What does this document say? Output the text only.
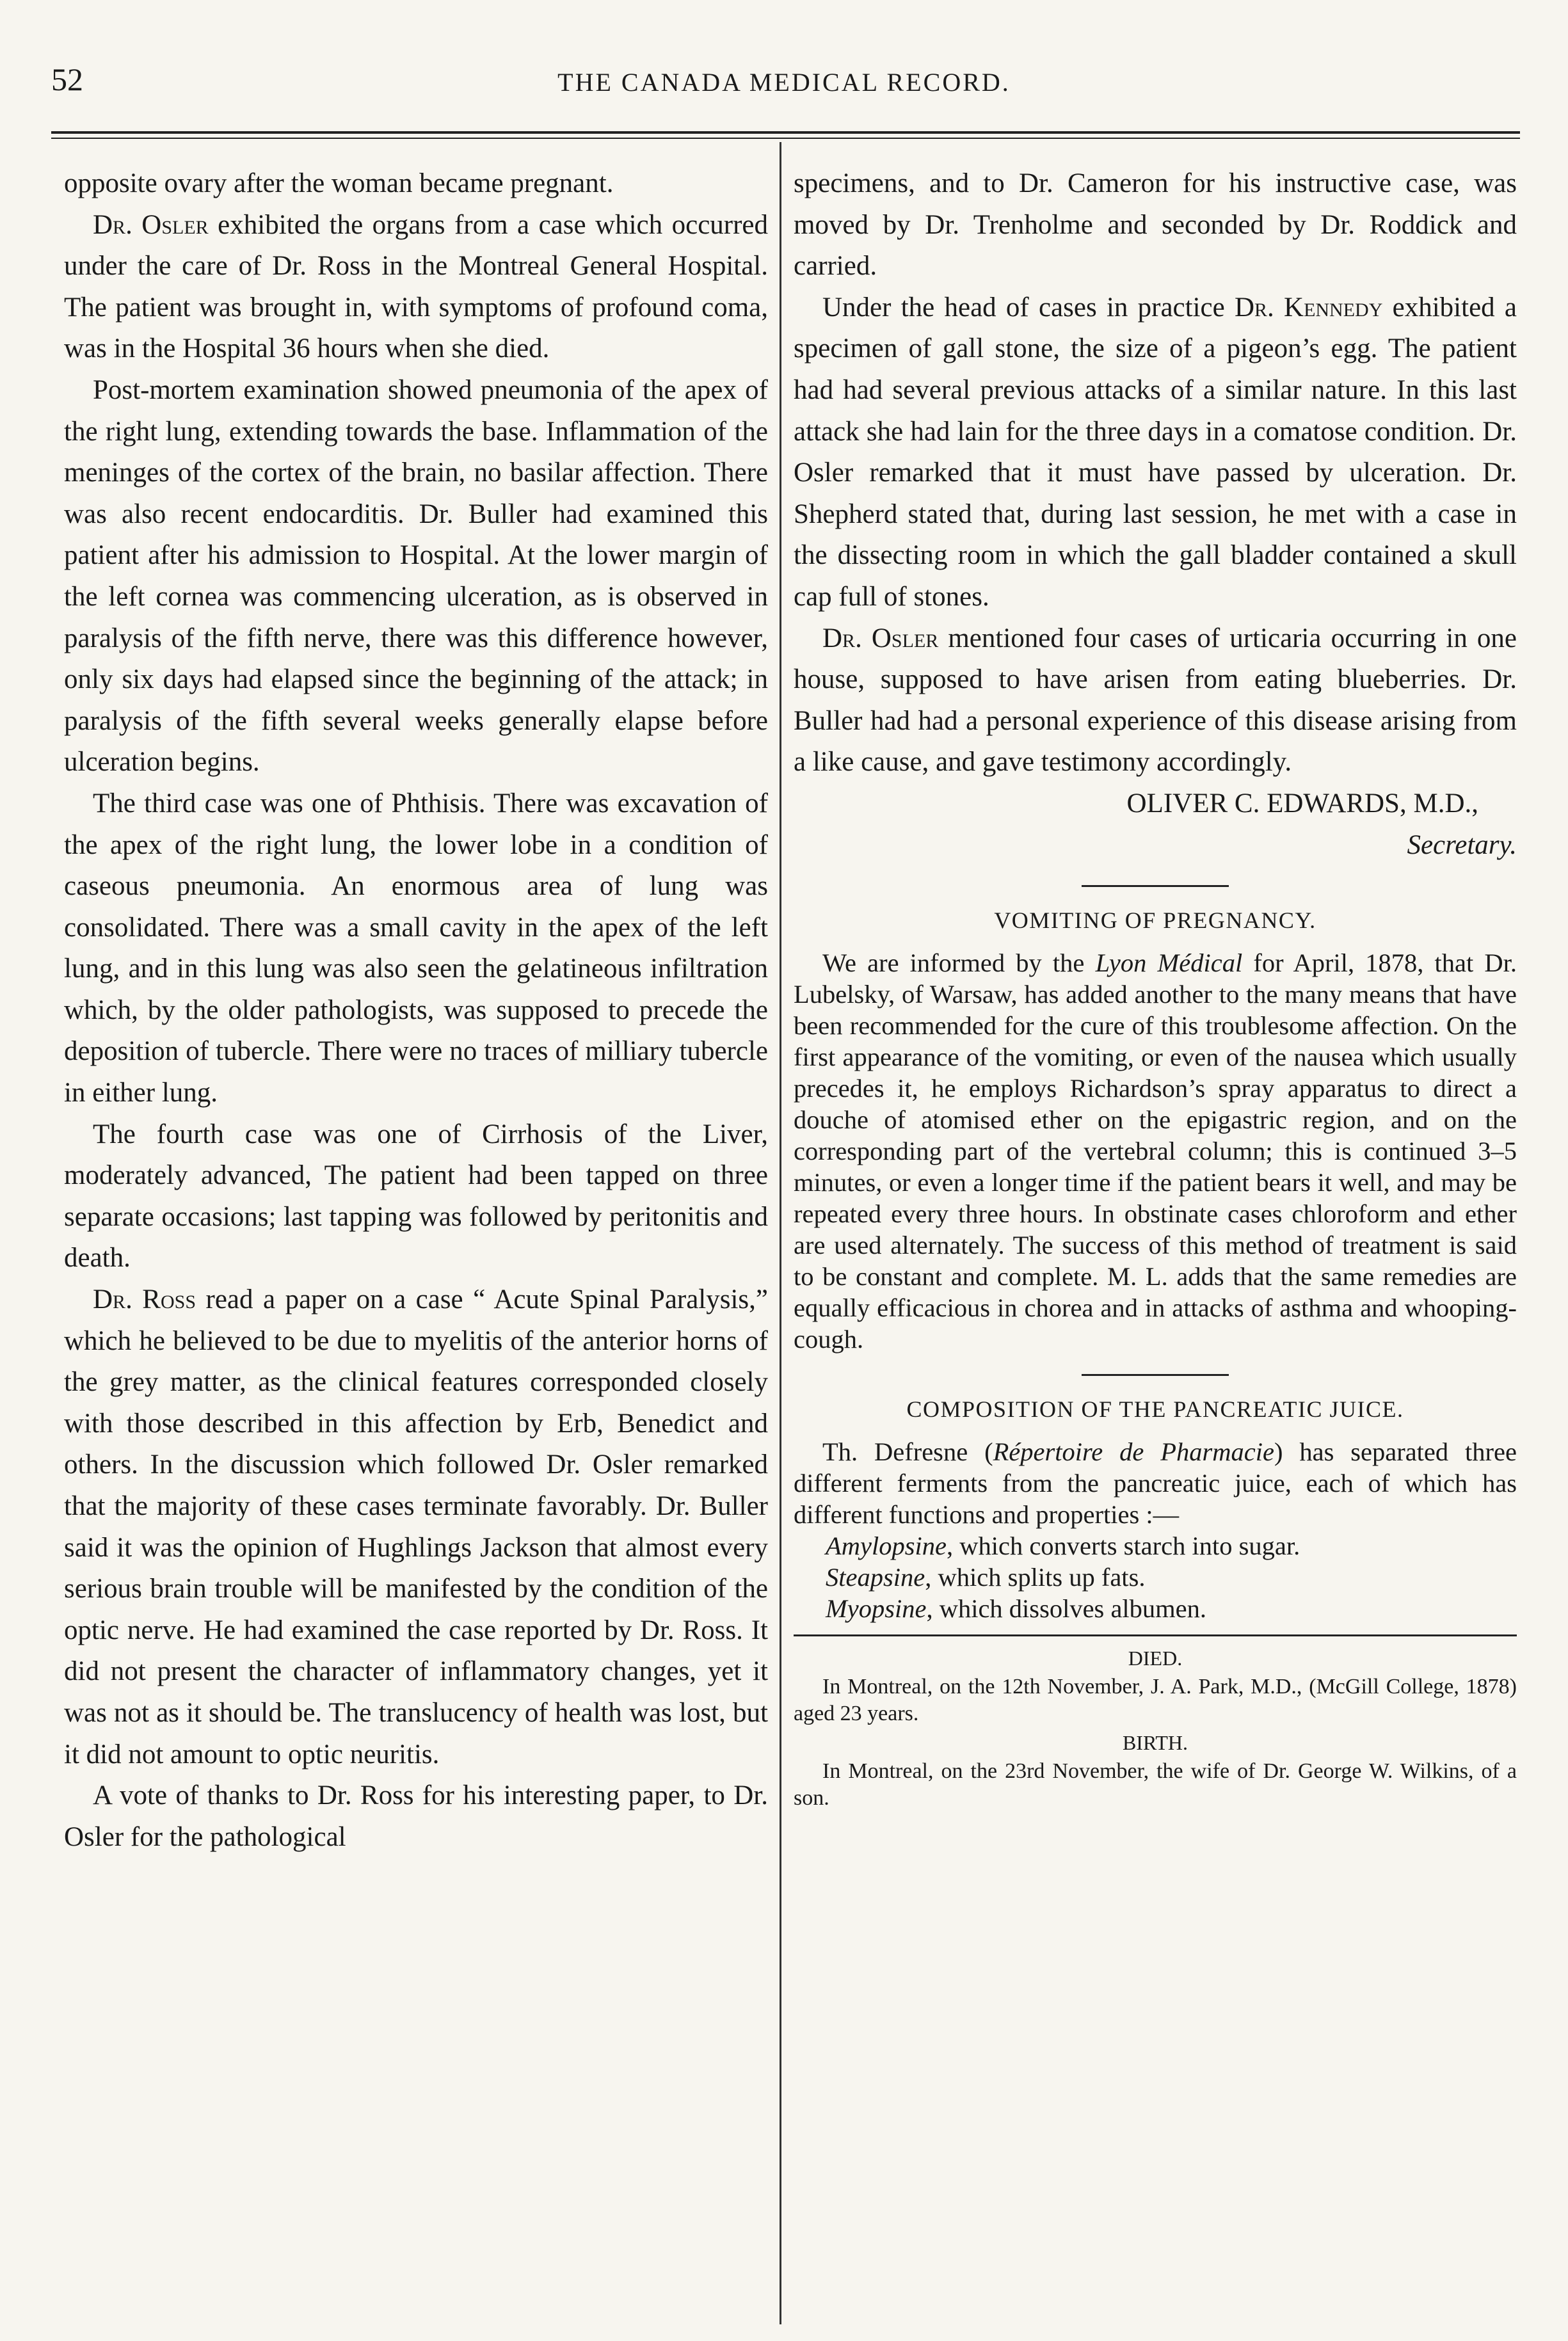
52	THE CANADA MEDICAL RECORD.

opposite ovary after the woman became pregnant.

Dr. Osler exhibited the organs from a case which occurred under the care of Dr. Ross in the Montreal General Hospital. The patient was brought in, with symptoms of profound coma, was in the Hospital 36 hours when she died.

Post-mortem examination showed pneumonia of the apex of the right lung, extending towards the base. Inflammation of the meninges of the cortex of the brain, no basilar affection. There was also recent endocarditis. Dr. Buller had examined this patient after his admission to Hospital. At the lower margin of the left cornea was commencing ulceration, as is observed in paralysis of the fifth nerve, there was this difference however, only six days had elapsed since the beginning of the attack; in paralysis of the fifth several weeks generally elapse before ulceration begins.

The third case was one of Phthisis. There was excavation of the apex of the right lung, the lower lobe in a condition of caseous pneumonia. An enormous area of lung was consolidated. There was a small cavity in the apex of the left lung, and in this lung was also seen the gelatineous infiltration which, by the older pathologists, was supposed to precede the deposition of tubercle. There were no traces of milliary tubercle in either lung.

The fourth case was one of Cirrhosis of the Liver, moderately advanced, The patient had been tapped on three separate occasions; last tapping was followed by peritonitis and death.

Dr. Ross read a paper on a case “ Acute Spinal Paralysis,” which he believed to be due to myelitis of the anterior horns of the grey matter, as the clinical features corresponded closely with those described in this affection by Erb, Benedict and others. In the discussion which followed Dr. Osler remarked that the majority of these cases terminate favorably. Dr. Buller said it was the opinion of Hughlings Jackson that almost every serious brain trouble will be manifested by the condition of the optic nerve. He had examined the case reported by Dr. Ross. It did not present the character of inflammatory changes, yet it was not as it should be. The translucency of health was lost, but it did not amount to optic neuritis.

A vote of thanks to Dr. Ross for his interesting paper, to Dr. Osler for the pathological

specimens, and to Dr. Cameron for his instructive case, was moved by Dr. Trenholme and seconded by Dr. Roddick and carried.

Under the head of cases in practice Dr. Kennedy exhibited a specimen of gall stone, the size of a pigeon’s egg. The patient had had several previous attacks of a similar nature. In this last attack she had lain for the three days in a comatose condition. Dr. Osler remarked that it must have passed by ulceration. Dr. Shepherd stated that, during last session, he met with a case in the dissecting room in which the gall bladder contained a skull cap full of stones.

Dr. Osler mentioned four cases of urticaria occurring in one house, supposed to have arisen from eating blueberries. Dr. Buller had had a personal experience of this disease arising from a like cause, and gave testimony accordingly.

OLIVER C. EDWARDS, M.D.,
Secretary.
VOMITING OF PREGNANCY.

We are informed by the Lyon Médical for April, 1878, that Dr. Lubelsky, of Warsaw, has added another to the many means that have been recommended for the cure of this troublesome affection. On the first appearance of the vomiting, or even of the nausea which usually precedes it, he employs Richardson’s spray apparatus to direct a douche of atomised ether on the epigastric region, and on the corresponding part of the vertebral column; this is continued 3–5 minutes, or even a longer time if the patient bears it well, and may be repeated every three hours. In obstinate cases chloroform and ether are used alternately. The success of this method of treatment is said to be constant and complete. M. L. adds that the same remedies are equally efficacious in chorea and in attacks of asthma and whooping-cough.

COMPOSITION OF THE PANCREATIC JUICE.

Th. Defresne (Répertoire de Pharmacie) has separated three different ferments from the pancreatic juice, each of which has different functions and properties :—

Amylopsine, which converts starch into sugar.

Steapsine, which splits up fats.

Myopsine, which dissolves albumen.

DIED.

In Montreal, on the 12th November, J. A. Park, M.D., (McGill College, 1878) aged 23 years.

BIRTH.

In Montreal, on the 23rd November, the wife of Dr. George W. Wilkins, of a son.
